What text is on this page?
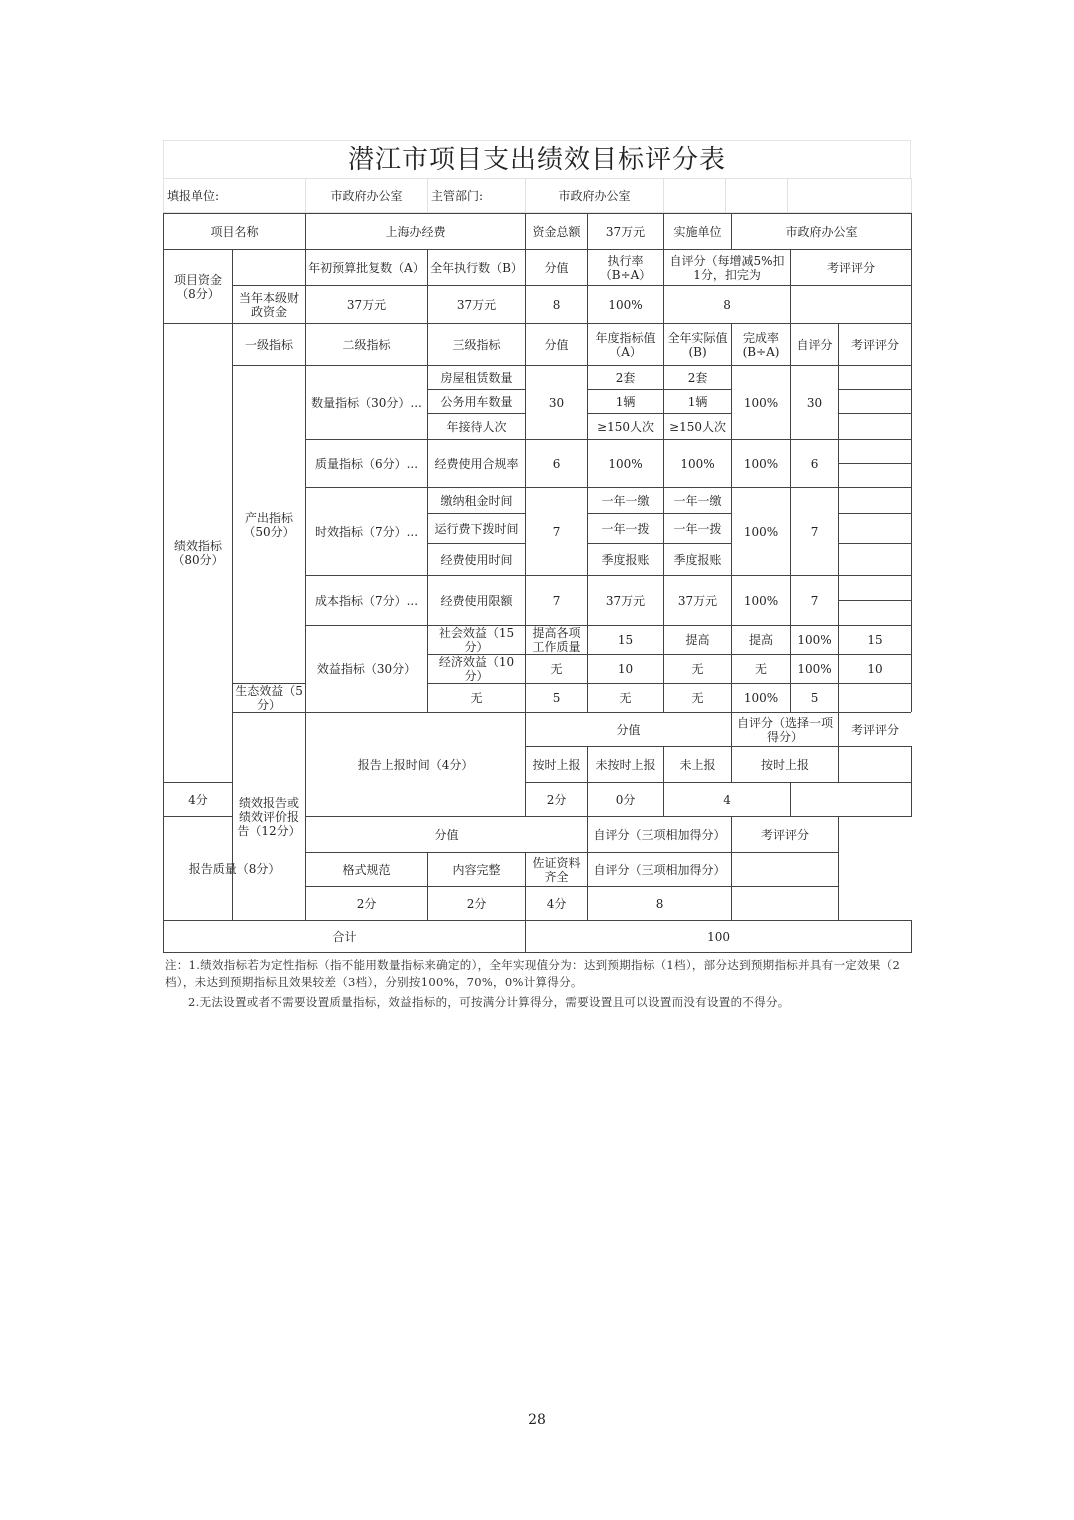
潜江市项目支出绩效目标评分表
填报单位:	市政府办公室	主管部门:	市政府办公室			
项目名称		上海办经费		资金总额	37万元	实施单位	市政府办公室			
项目资金（8分）		年初预算批复数（A）	全年执行数（B）	分值	执行率（B÷A）	自评分（每增减5%扣1分，扣完为		考评评分		
	当年本级财政资金	37万元	37万元	8	100%	8				
绩效指标（80分）	一级指标	二级指标	三级指标	分值	年度指标值（A）	全年实际值(B)	完成率(B÷A)	自评分	考评评分	
	产出指标（50分）	数量指标（30分）...	房屋租赁数量	30	2套	2套	100%	30		
			公务用车数量		1辆	1辆				
			年接待人次		≥150人次	≥150人次				
		质量指标（6分）...	经费使用合规率	6	100%	100%	100%	6		

		时效指标（7分）...	缴纳租金时间	7	一年一缴	一年一缴	100%	7		
			运行费下拨时间		一年一拨	一年一拨				
			经费使用时间		季度报账	季度报账				
		成本指标（7分）...	经费使用限额	7	37万元	37万元	100%	7		

		效益指标（30分）	社会效益（15分）	提高各项工作质量	15	提高	提高	100%	15	
			经济效益（10分）	无	10	无	无	100%	10	
	生态效益（5分）		无	5	无	无	100%	5		
	绩效报告或绩效评价报告（12分）	报告上报时间（4分）		分值			自评分（选择一项得分）		考评评分	
				按时上报	未按时上报	未上报	按时上报			
4分				2分	0分	4				
报告质量（8分）		分值			自评分（三项相加得分）		考评评分			
		格式规范	内容完整	佐证资料齐全	自评分（三项相加得分）					
		2分	2分	4分	8					
合计				100						

注：1.绩效指标若为定性指标（指不能用数量指标来确定的），全年实现值分为：达到预期指标（1档），部分达到预期指标并具有一定效果（2档），未达到预期指标且效果较差（3档），分别按100%，70%，0%计算得分。

2.无法设置或者不需要设置质量指标，效益指标的，可按满分计算得分，需要设置且可以设置而没有设置的不得分。

28
